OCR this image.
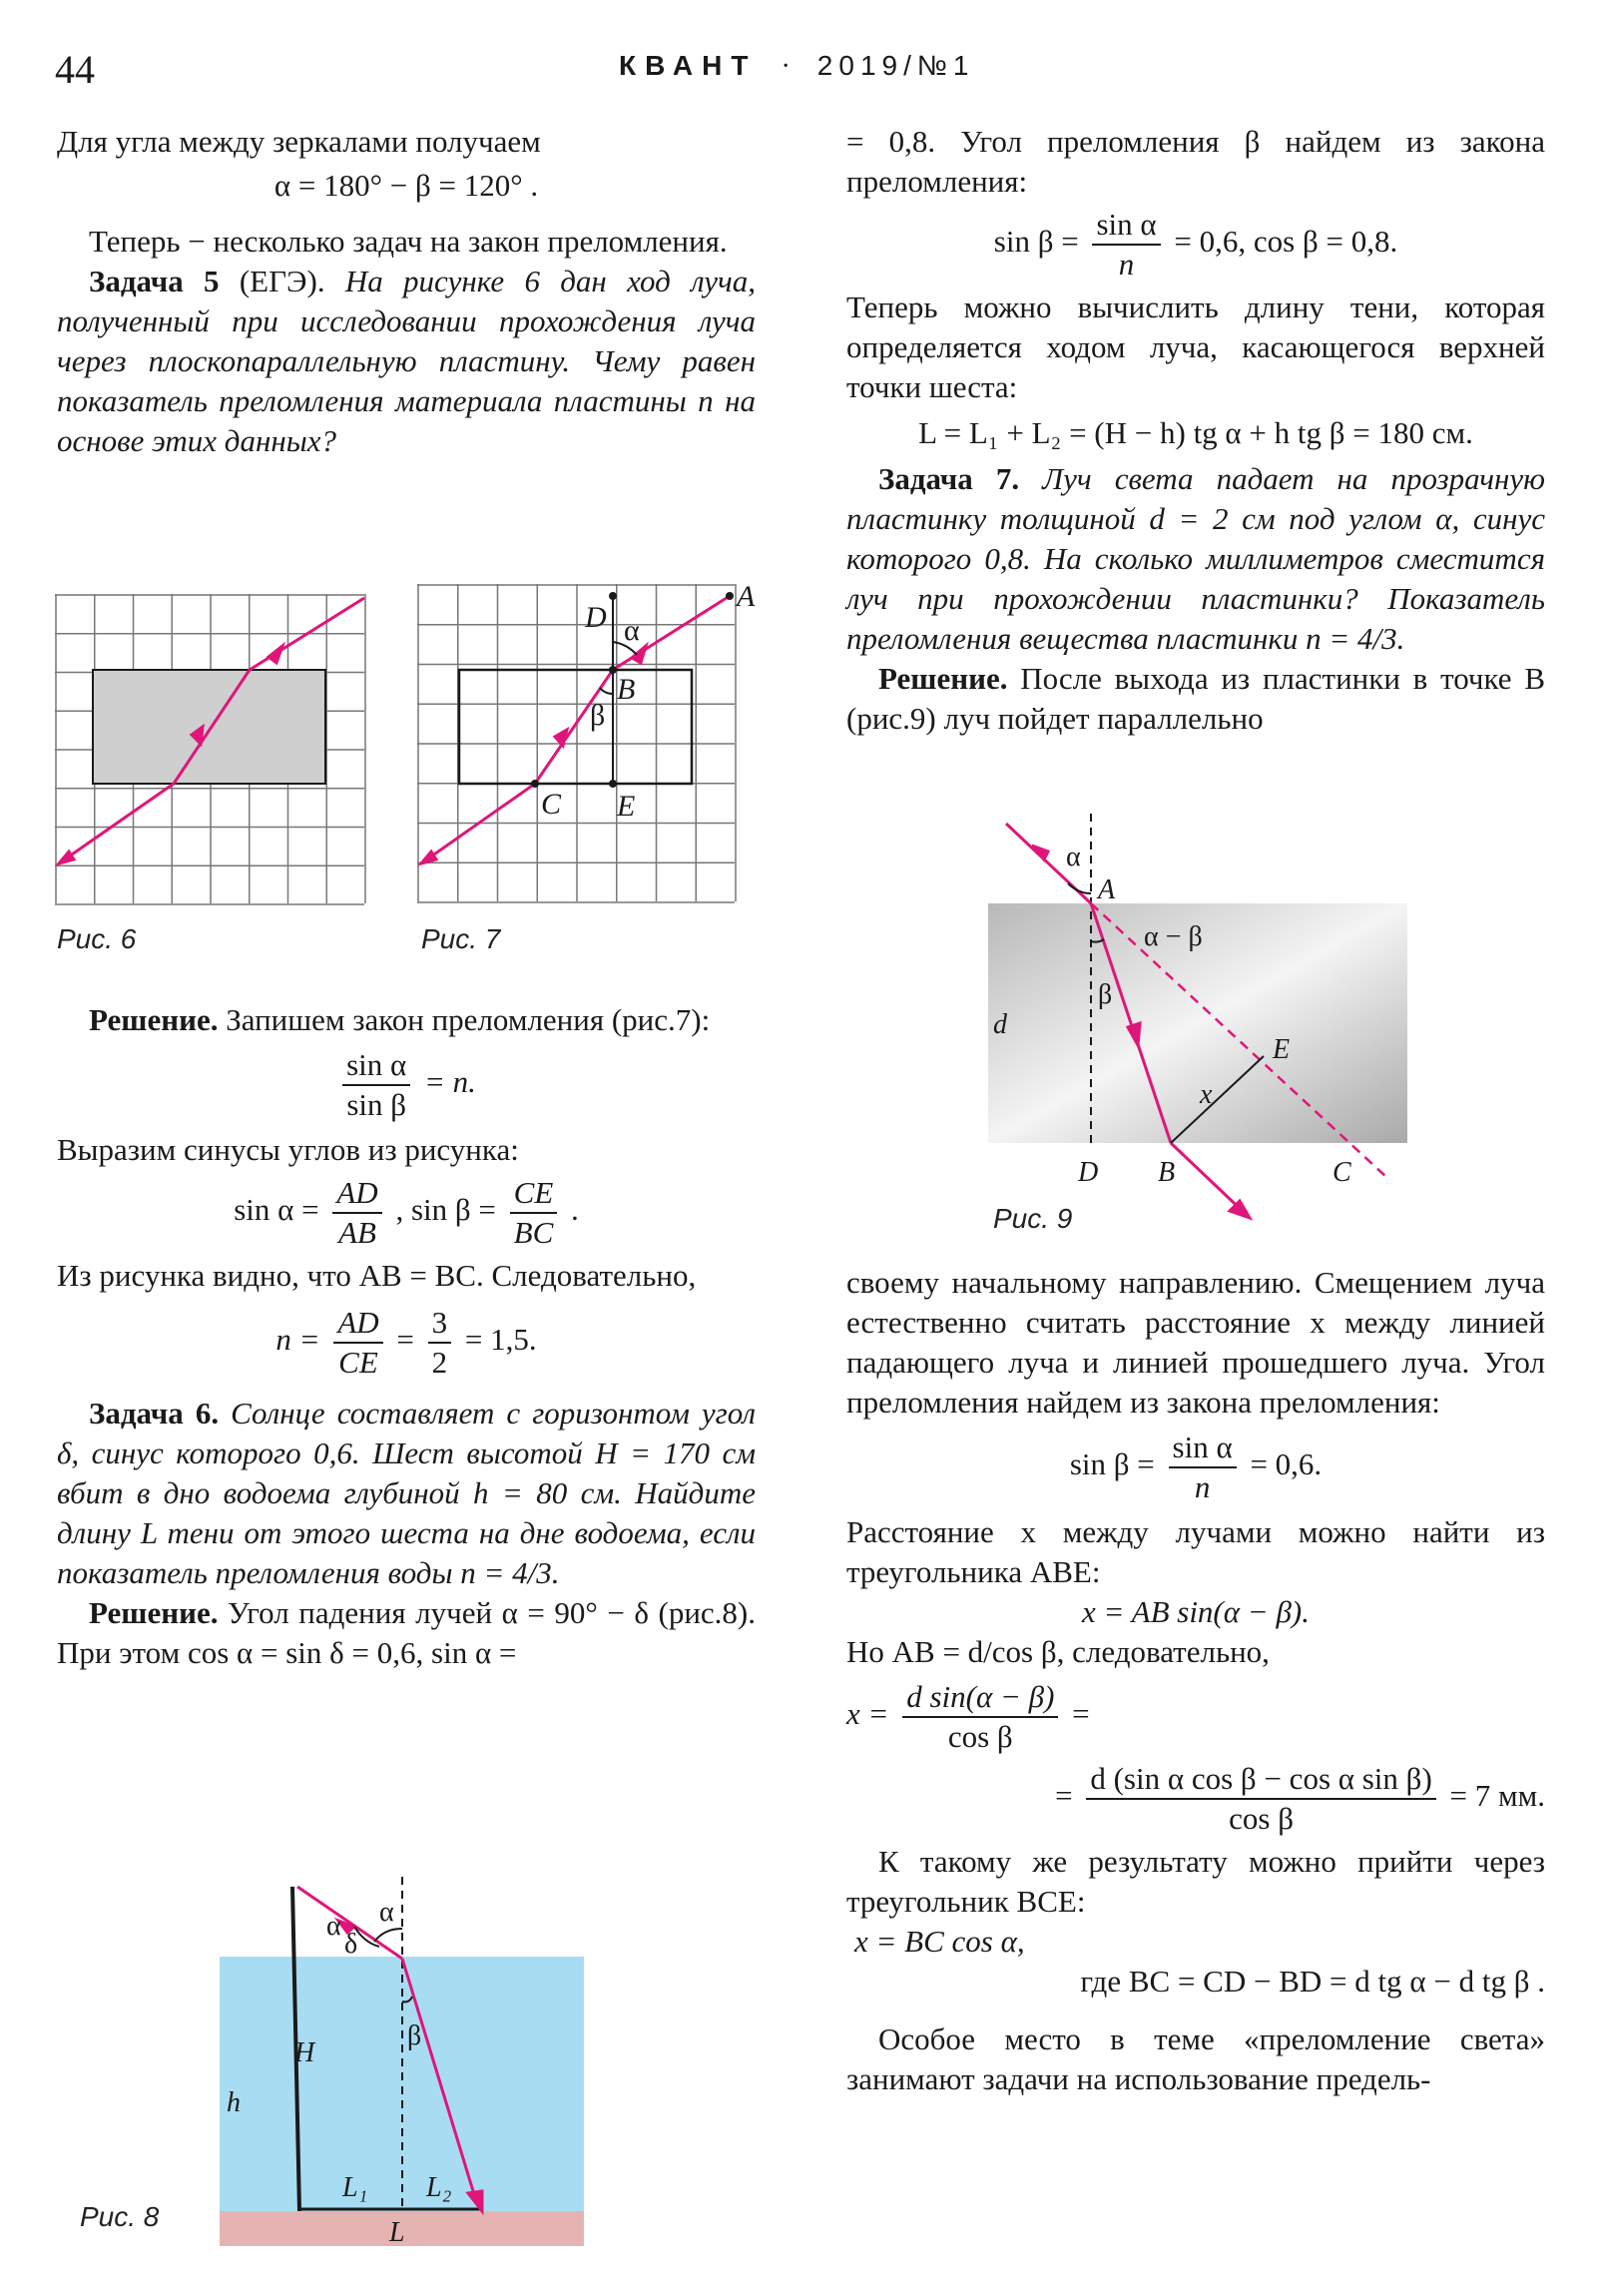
44	КВАНТ · 2019/№1

Для угла между зеркалами получаем

α = 180° − β = 120° .

Теперь − несколько задач на закон преломления.

Задача 5 (ЕГЭ). На рисунке 6 дан ход луча, полученный при исследовании прохождения луча через плоскопараллельную пластину. Чему равен показатель преломления материала пластины n на основе этих данных?

Рис. 6
D
A
B
C E
α
β
Рис. 7

Решение. Запишем закон преломления (рис.7):

$\frac{\text{sin α}}{\text{sin β}} = n$.

Выразим синусы углов из рисунка:

$\sin \alpha = \frac{AD}{AB}$ , $\sin \beta = \frac{CE}{BC}$ .

Из рисунка видно, что AB = BC. Следовательно,

$n = \frac{AD}{CE} = \frac{3}{2} = 1,5$.

Задача 6. Солнце составляет с горизонтом угол δ, синус которого 0,6. Шест высотой H = 170 см вбит в дно водоема глубиной h = 80 см. Найдите длину L тени от этого шеста на дне водоема, если показатель преломления воды n = 4/3.

Решение. Угол падения лучей α = 90° − δ (рис.8). При этом cos α = sin δ = 0,6, sin α =

α
α
δ
β
H
h
L₁ L₂
L
Рис. 8

= 0,8. Угол преломления β найдем из закона преломления:

$\sin \beta = \frac{\text{sin α}}{n} = 0,6$, cos β = 0,8.

Теперь можно вычислить длину тени, которая определяется ходом луча, касающегося верхней точки шеста:

L = L₁ + L₂ = (H − h) tg α + h tg β = 180 см.

Задача 7. Луч света падает на прозрачную пластинку толщиной d = 2 см под углом α, синус которого 0,8. На сколько миллиметров сместится луч при прохождении пластинки? Показатель преломления вещества пластинки n = 4/3.

Решение. После выхода из пластинки в точке B (рис.9) луч пойдет параллельно

α
A
α − β
β
d
E
x
D B	C
Рис. 9

своему начальному направлению. Смещением луча естественно считать расстояние x между линией падающего луча и линией прошедшего луча. Угол преломления найдем из закона преломления:

$\sin \beta = \frac{\text{sin α}}{n} = 0,6$.

Расстояние x между лучами можно найти из треугольника ABE:

x = AB sin(α − β).

Но AB = d/cos β, следовательно,

$x = \frac{\text{d sin(α − β)}}{\text{cos β}}$ =

= $\frac{\text{d (sin α cos β − cos α sin β)}}{\text{cos β}} = 7$ мм.

К такому же результату можно прийти через треугольник BCE:

x = BC cos α,

где BC = CD − BD = d tg α − d tg β .

Особое место в теме «преломление света» занимают задачи на использование предель-
